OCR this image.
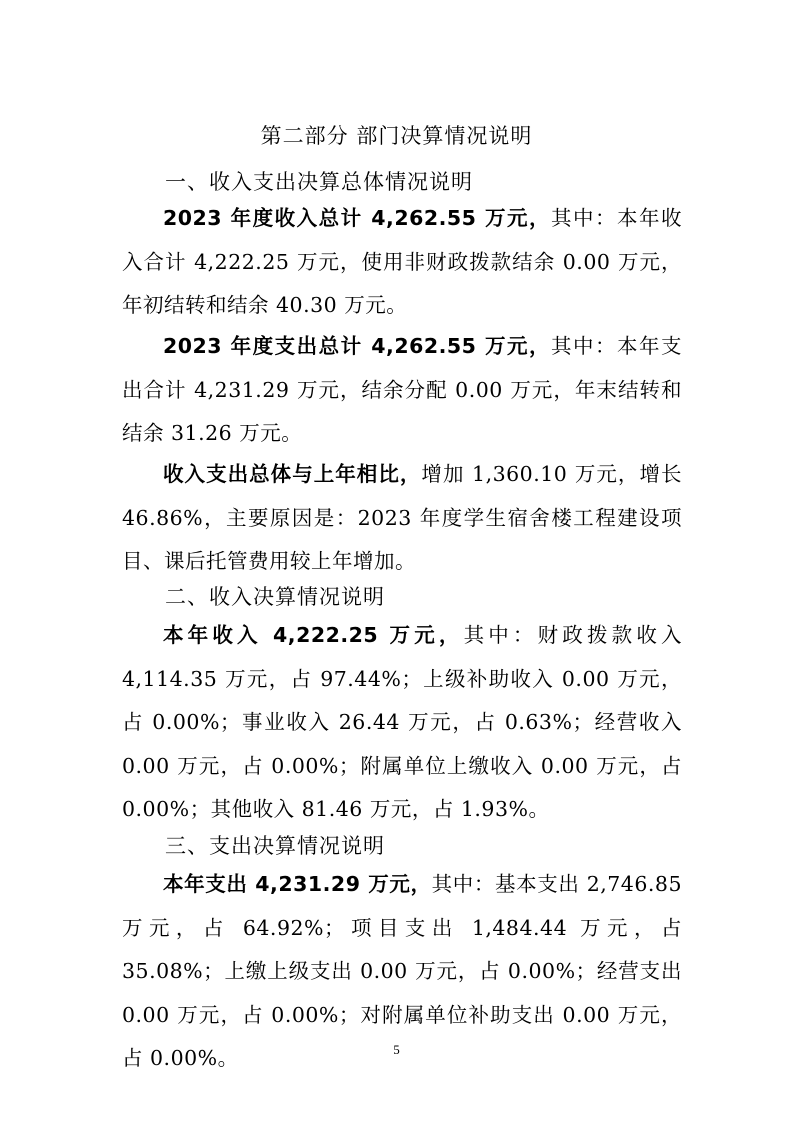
第二部分 部门决算情况说明
一、收入支出决算总体情况说明

2023 年度收入总计 4,262.55 万元，其中：本年收入合计 4,222.25 万元，使用非财政拨款结余 0.00 万元，年初结转和结余 40.30 万元。

2023 年度支出总计 4,262.55 万元，其中：本年支出合计 4,231.29 万元，结余分配 0.00 万元，年末结转和结余 31.26 万元。

收入支出总体与上年相比，增加 1,360.10 万元，增长 46.86%，主要原因是：2023 年度学生宿舍楼工程建设项目、课后托管费用较上年增加。

二、收入决算情况说明

本年收入 4,222.25 万元，其中：财政拨款收入 4,114.35 万元，占 97.44%；上级补助收入 0.00 万元，占 0.00%；事业收入 26.44 万元，占 0.63%；经营收入 0.00 万元，占 0.00%；附属单位上缴收入 0.00 万元，占 0.00%；其他收入 81.46 万元，占 1.93%。

三、支出决算情况说明

本年支出 4,231.29 万元，其中：基本支出 2,746.85 万元，占 64.92%；项目支出 1,484.44 万元，占 35.08%；上缴上级支出 0.00 万元，占 0.00%；经营支出 0.00 万元，占 0.00%；对附属单位补助支出 0.00 万元，占 0.00%。	5
